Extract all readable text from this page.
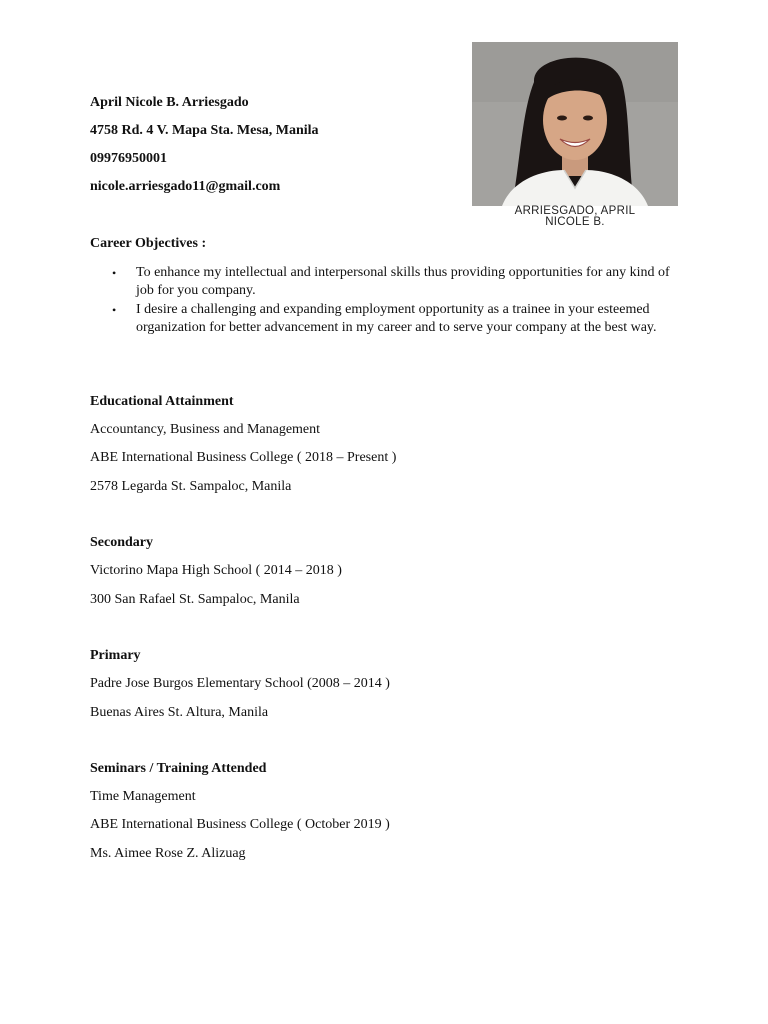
April Nicole B. Arriesgado
4758 Rd. 4 V. Mapa Sta. Mesa, Manila
09976950001
nicole.arriesgado11@gmail.com
ARRIESGADO, APRIL
NICOLE B.
Career Objectives :
• To enhance my intellectual and interpersonal skills thus providing opportunities for any kind of job for you company.
• I desire a challenging and expanding employment opportunity as a trainee in your esteemed organization for better advancement in my career and to serve your company at the best way.
Educational Attainment
Accountancy, Business and Management
ABE International Business College ( 2018 – Present )
2578 Legarda St. Sampaloc, Manila
Secondary
Victorino Mapa High School ( 2014 – 2018 )
300 San Rafael St. Sampaloc, Manila
Primary
Padre Jose Burgos Elementary School (2008 – 2014 )
Buenas Aires St. Altura, Manila
Seminars / Training Attended
Time Management
ABE International Business College ( October 2019 )
Ms. Aimee Rose Z. Alizuag
